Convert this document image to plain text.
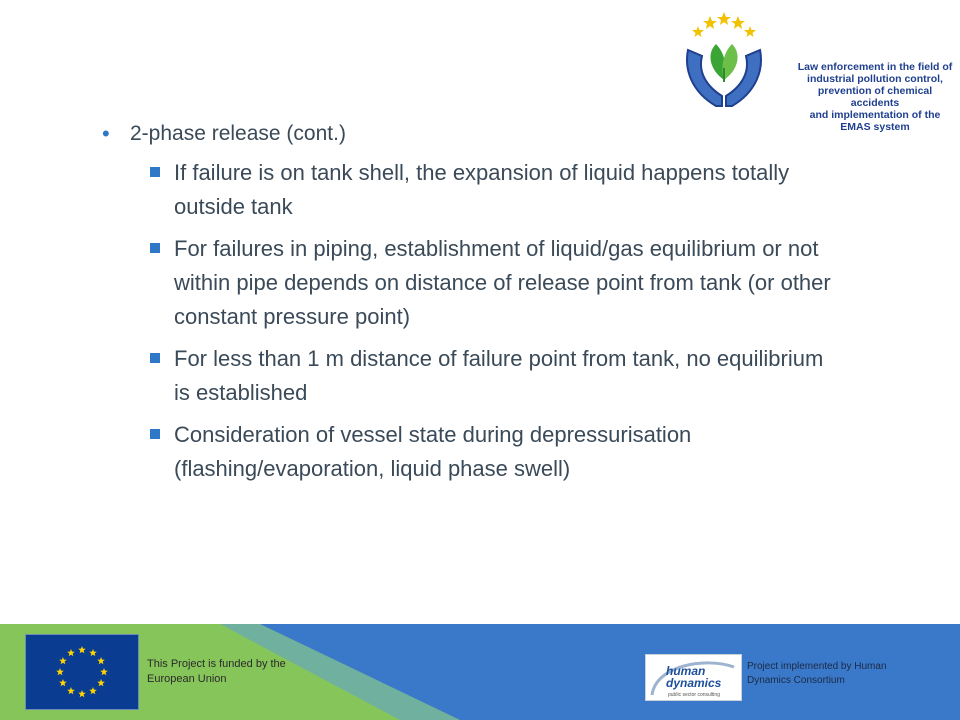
Law enforcement in the field of
industrial pollution control,
prevention of chemical accidents
and implementation of the EMAS system
• 2-phase release (cont.)
If failure is on tank shell, the expansion of liquid happens totally outside tank
For failures in piping, establishment of liquid/gas equilibrium or not within pipe depends on distance of release point from tank (or other constant pressure point)
For less than 1 m distance of failure point from tank, no equilibrium is established
Consideration of vessel state during depressurisation (flashing/evaporation, liquid phase swell)
This Project is funded by the European Union
human
dynamics
public sector consulting
Project implemented by Human Dynamics Consortium
